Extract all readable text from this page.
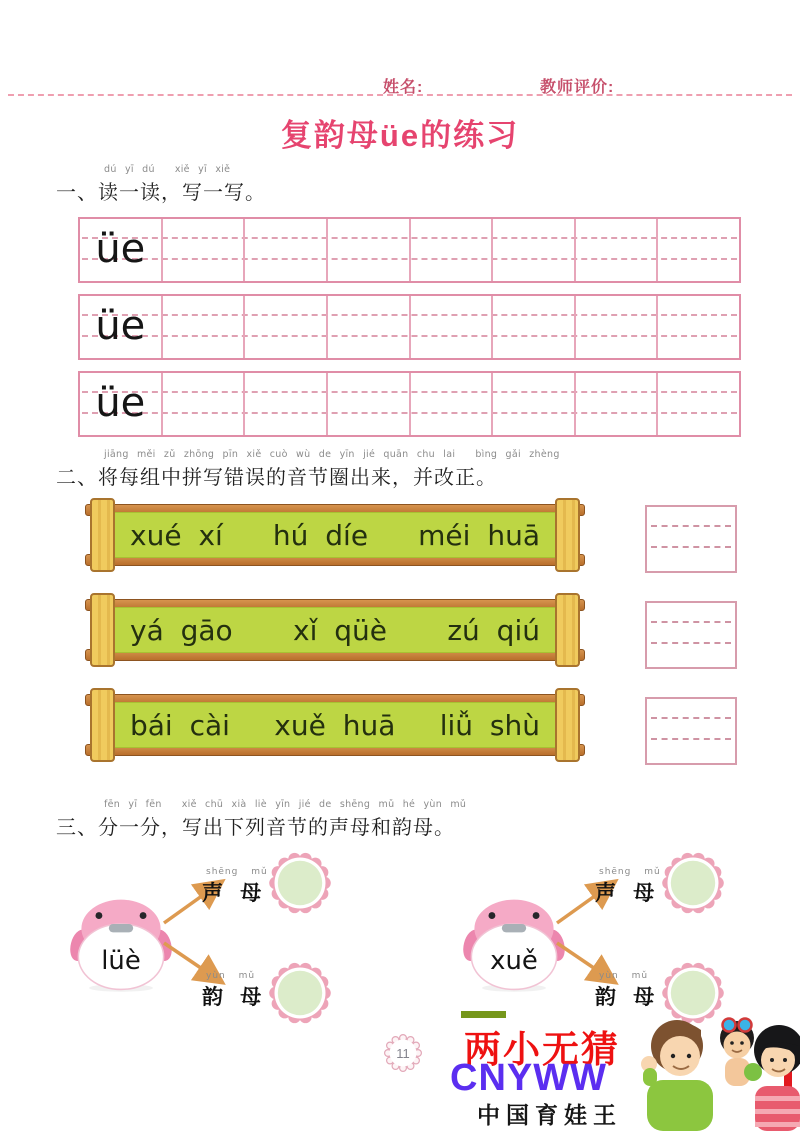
姓名:	教师评价:
复韵母üe的练习
dú yī dú xiě yī xiě
一、读一读，写一写。
üe
üe
üe
jiāng měi zǔ zhōng pīn xiě cuò wù de yīn jié quān chu lai bìng gǎi zhèng
二、将每组中拼写错误的音节圈出来，并改正。
xué xí hú díe méi huā
yá gāo xǐ qüè zú qiú
bái cài xuě huā liǚ shù
fēn yī fēn xiě chū xià liè yīn jié de shēng mǔ hé yùn mǔ
三、分一分，写出下列音节的声母和韵母。
lüè
shēng mǔ
声 母
yùn mǔ
韵 母
xuě
shēng mǔ
声 母
yùn mǔ
韵 母
11 两小无猜
CNYWW
中国育娃王
